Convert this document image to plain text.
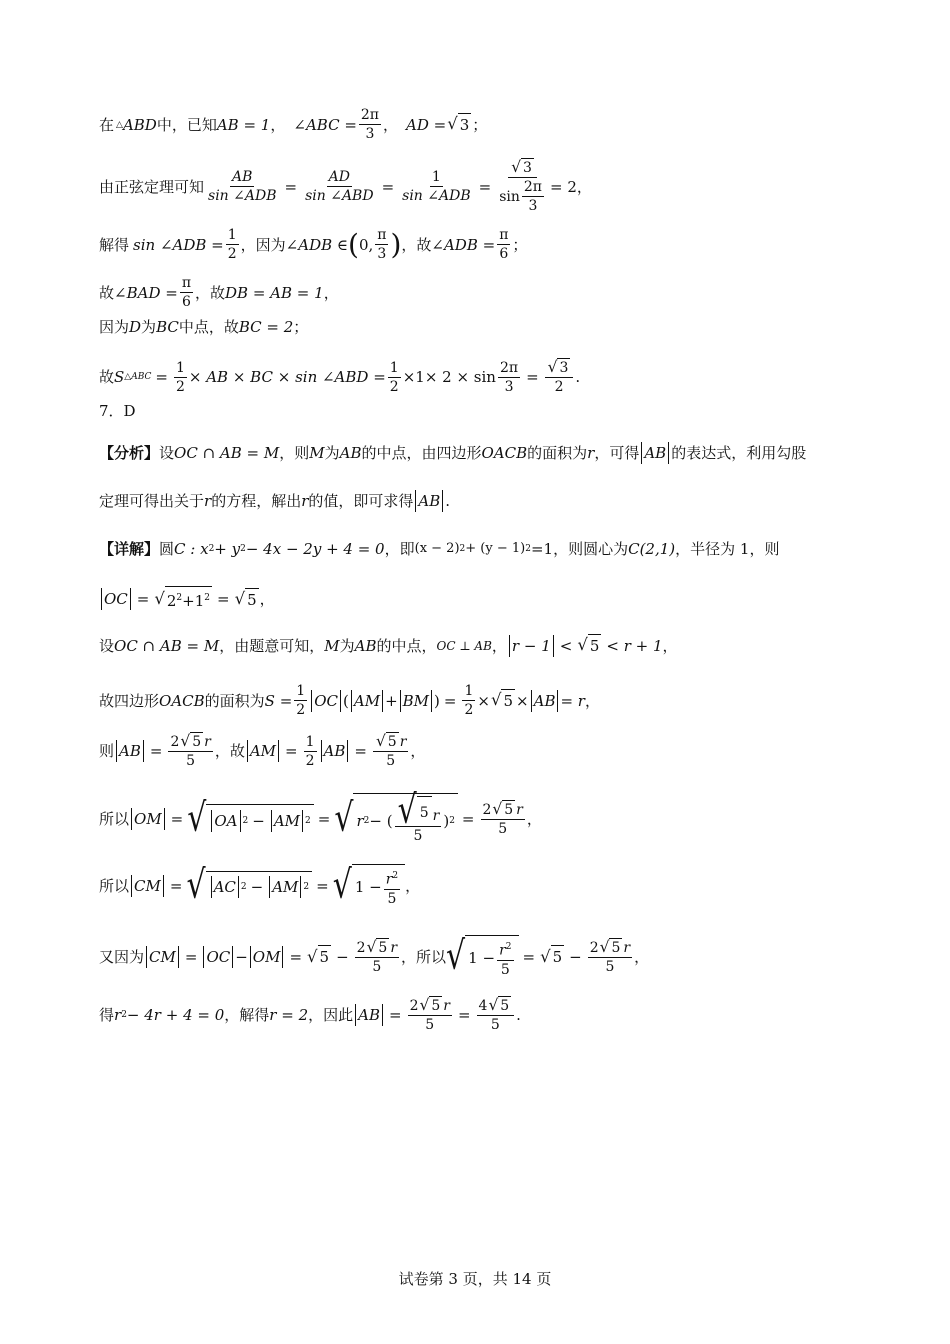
在 △ ABD 中，已知 AB = 1 ， ∠ABC = $\frac{2\pi}{3}$ ， AD = √ 3 ；
由正弦定理可知 $\frac{AB}{\text{sin ∠ADB}} = \frac{AD}{\text{sin ∠ABD}} = \frac{1}{\text{sin ∠ADB}} = \frac{√ 3}{\sin \frac{2\pi}{3}} = 2$，
解得 sin ∠ADB = $\frac{1}{2}$ ，因为 ∠ADB ∈ ( 0, $\frac{\pi}{3}$ ) ，故 ∠ADB = $\frac{\pi}{6}$ ；
故 ∠BAD = $\frac{\pi}{6}$ ，故 DB = AB = 1 ，
因为 D 为 BC 中点，故 BC = 2 ；
故 S △ABC = $\frac{1}{2}$ × AB × BC × sin ∠ABD = $\frac{1}{2} \times 1\times 2 \times \sin \frac{2\pi}{3} = \frac{√ 3}{2}$ .
7．D
【分析】 设 OC ∩ AB = M ，则 M 为 AB 的中点，由四边形 OACB 的面积为 r ，可得 AB 的表达式，利用勾股
定理可得出关于 r 的方程，解出 r 的值，即可求得 AB .
【详解】 圆 C : x 2 + y 2 − 4x − 2y + 4 = 0 ，即 (x − 2) 2 + (y − 1) 2 =1 ，则圆心为 C(2,1) ，半径为 1，则
OC = √ $2^2+1^2$ = √ 5 ，
设 OC ∩ AB = M ，由题意可知， M 为 AB 的中点， OC ⊥ AB ， r − 1 < √ 5 < r + 1 ，
故四边形 OACB 的面积为 $S = \frac{1}{2}$ OC ( AM + BM ) = $\frac{1}{2}$ × √ 5 × AB = r ，
则 AB = $\frac{2 √ 5 r}{5}$ ，故 AM = $\frac{1}{2}$ AB = $\frac{√ 5 r}{5}$ ，
所以 OM = √ OA 2 − AM 2 = √ r 2 − ( $\frac{√ 5 r}{5}$ ) $2 = \frac{2 √ 5 r}{5}$ ，
所以 CM = √ AC 2 − AM 2 = √ $1 - \frac{r^2}{5}$ ，
又因为 CM = OC − OM = √ $5 - \frac{2 √ 5 r}{5}$ ，所以 √ $1 - \frac{r^2}{5}$ = √ $5 - \frac{2 √ 5 r}{5}$ ，
得 r 2 − 4r + 4 = 0 ，解得 r = 2 ，因此 AB = $\frac{2 √ 5 r}{5} = \frac{4 √ 5}{5}$ .
试卷第 3 页，共 14 页
